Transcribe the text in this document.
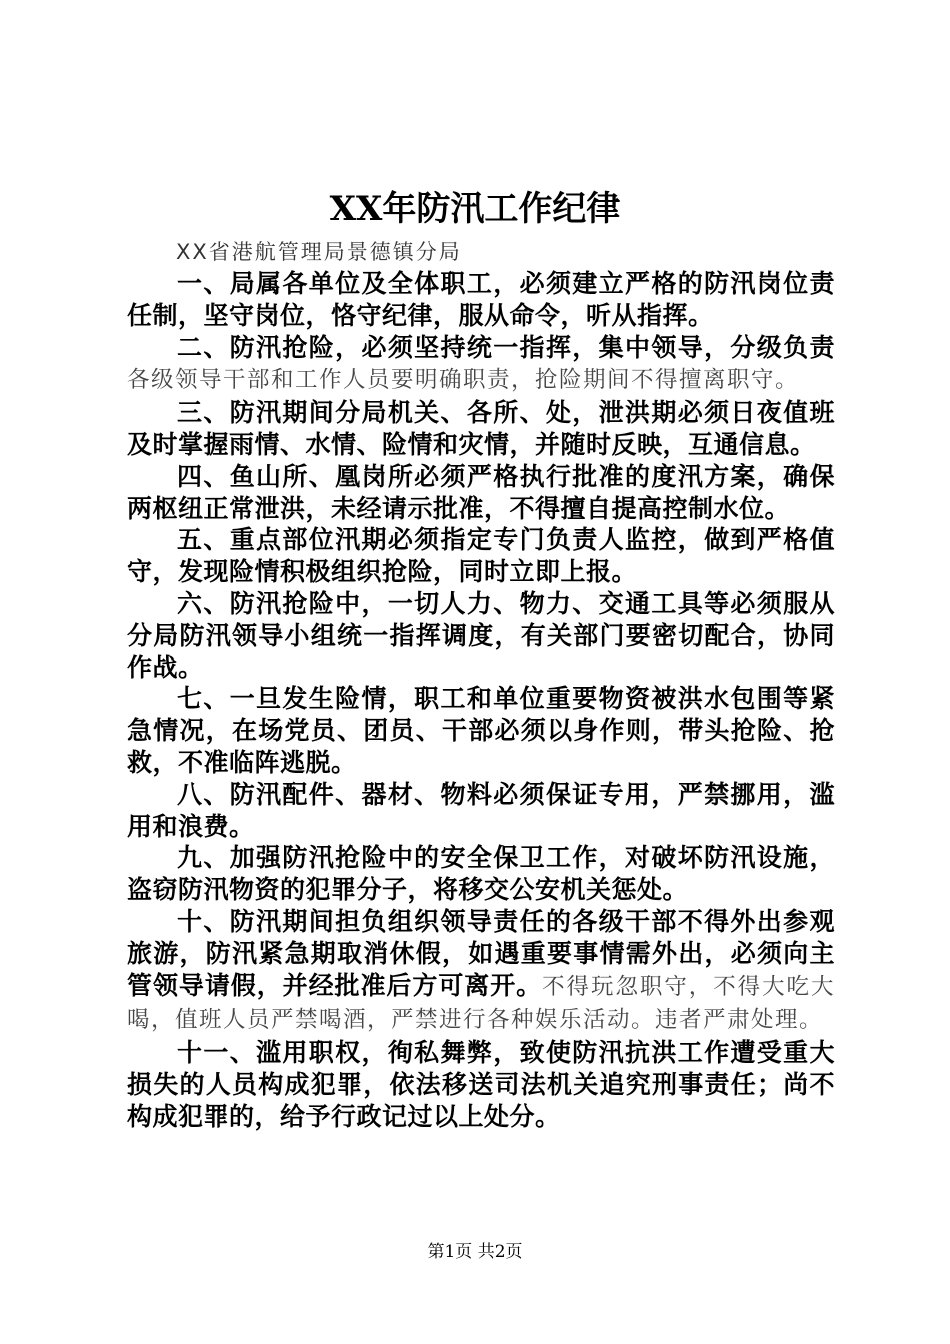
XX年防汛工作纪律

XX省港航管理局景德镇分局

一、局属各单位及全体职工，必须建立严格的防汛岗位责任制，坚守岗位，恪守纪律，服从命令，听从指挥。

二、防汛抢险，必须坚持统一指挥，集中领导，分级负责各级领导干部和工作人员要明确职责，抢险期间不得擅离职守。

三、防汛期间分局机关、各所、处，泄洪期必须日夜值班及时掌握雨情、水情、险情和灾情，并随时反映，互通信息。

四、鱼山所、凰岗所必须严格执行批准的度汛方案，确保两枢纽正常泄洪，未经请示批准，不得擅自提高控制水位。

五、重点部位汛期必须指定专门负责人监控，做到严格值守，发现险情积极组织抢险，同时立即上报。

六、防汛抢险中，一切人力、物力、交通工具等必须服从分局防汛领导小组统一指挥调度，有关部门要密切配合，协同作战。

七、一旦发生险情，职工和单位重要物资被洪水包围等紧急情况，在场党员、团员、干部必须以身作则，带头抢险、抢救，不准临阵逃脱。

八、防汛配件、器材、物料必须保证专用，严禁挪用，滥用和浪费。

九、加强防汛抢险中的安全保卫工作，对破坏防汛设施，盗窃防汛物资的犯罪分子，将移交公安机关惩处。

十、防汛期间担负组织领导责任的各级干部不得外出参观旅游，防汛紧急期取消休假，如遇重要事情需外出，必须向主管领导请假，并经批准后方可离开。不得玩忽职守，不得大吃大喝，值班人员严禁喝酒，严禁进行各种娱乐活动。违者严肃处理。

十一、滥用职权，徇私舞弊，致使防汛抗洪工作遭受重大损失的人员构成犯罪，依法移送司法机关追究刑事责任；尚不构成犯罪的，给予行政记过以上处分。

第1页 共2页
